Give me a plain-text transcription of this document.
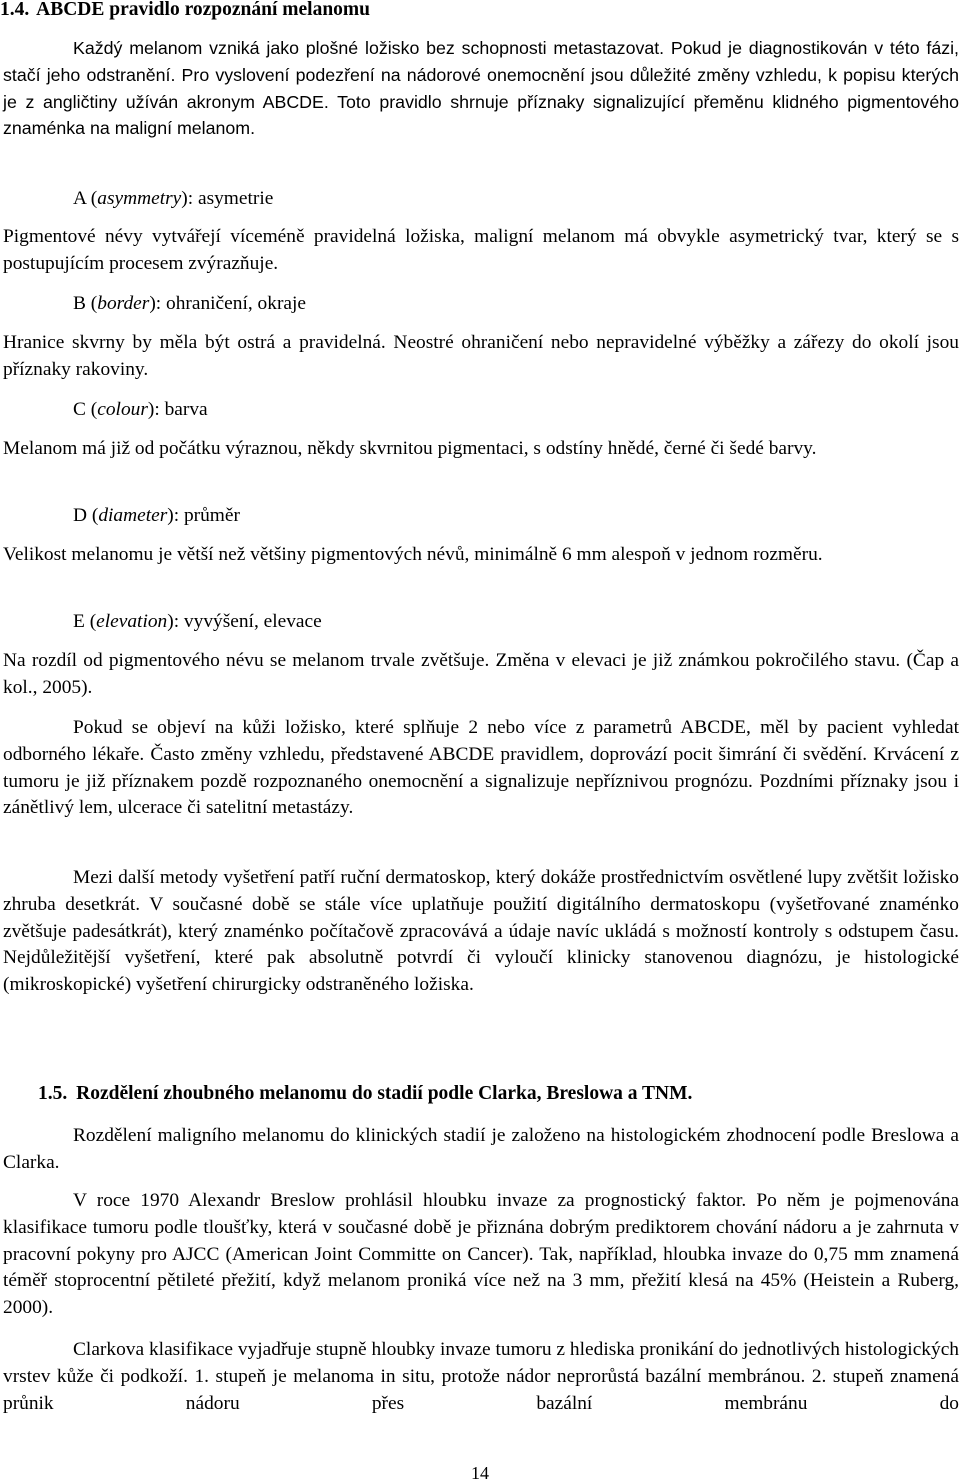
1.4. ABCDE pravidlo rozpoznání melanomu

Každý melanom vzniká jako plošné ložisko bez schopnosti metastazovat. Pokud je diagnostikován v této fázi, stačí jeho odstranění. Pro vyslovení podezření na nádorové onemocnění jsou důležité změny vzhledu, k popisu kterých je z angličtiny užíván akronym ABCDE. Toto pravidlo shrnuje příznaky signalizující přeměnu klidného pigmentového znaménka na maligní melanom.

A (asymmetry): asymetrie

Pigmentové névy vytvářejí víceméně pravidelná ložiska, maligní melanom má obvykle asymetrický tvar, který se s postupujícím procesem zvýrazňuje.

B (border): ohraničení, okraje

Hranice skvrny by měla být ostrá a pravidelná. Neostré ohraničení nebo nepravidelné výběžky a zářezy do okolí jsou příznaky rakoviny.

C (colour): barva

Melanom má již od počátku výraznou, někdy skvrnitou pigmentaci, s odstíny hnědé, černé či šedé barvy.

D (diameter): průměr

Velikost melanomu je větší než většiny pigmentových névů, minimálně 6 mm alespoň v jednom rozměru.

E (elevation): vyvýšení, elevace

Na rozdíl od pigmentového névu se melanom trvale zvětšuje. Změna v elevaci je již známkou pokročilého stavu. (Čap a kol., 2005).

Pokud se objeví na kůži ložisko, které splňuje 2 nebo více z parametrů ABCDE, měl by pacient vyhledat odborného lékaře. Často změny vzhledu, představené ABCDE pravidlem, doprovází pocit šimrání či svědění. Krvácení z tumoru je již příznakem pozdě rozpoznaného onemocnění a signalizuje nepříznivou prognózu. Pozdními příznaky jsou i zánětlivý lem, ulcerace či satelitní metastázy.

Mezi další metody vyšetření patří ruční dermatoskop, který dokáže prostřednictvím osvětlené lupy zvětšit ložisko zhruba desetkrát. V současné době se stále více uplatňuje použití digitálního dermatoskopu (vyšetřované znaménko zvětšuje padesátkrát), který znaménko počítačově zpracovává a údaje navíc ukládá s možností kontroly s odstupem času. Nejdůležitější vyšetření, které pak absolutně potvrdí či vyloučí klinicky stanovenou diagnózu, je histologické (mikroskopické) vyšetření chirurgicky odstraněného ložiska.

1.5. Rozdělení zhoubného melanomu do stadií podle Clarka, Breslowa a TNM.

Rozdělení maligního melanomu do klinických stadií je založeno na histologickém zhodnocení podle Breslowa a Clarka.

V roce 1970 Alexandr Breslow prohlásil hloubku invaze za prognostický faktor. Po něm je pojmenována klasifikace tumoru podle tloušťky, která v současné době je přiznána dobrým prediktorem chování nádoru a je zahrnuta v pracovní pokyny pro AJCC (American Joint Committe on Cancer). Tak, například, hloubka invaze do 0,75 mm znamená téměř stoprocentní pětileté přežití, když melanom proniká více než na 3 mm, přežití klesá na 45% (Heistein a Ruberg, 2000).

Clarkova klasifikace vyjadřuje stupně hloubky invaze tumoru z hlediska pronikání do jednotlivých histologických vrstev kůže či podkoží. 1. stupeň je melanoma in situ, protože nádor neprorůstá bazální membránou. 2. stupeň znamená průnik nádoru přes bazální membránu do

14
